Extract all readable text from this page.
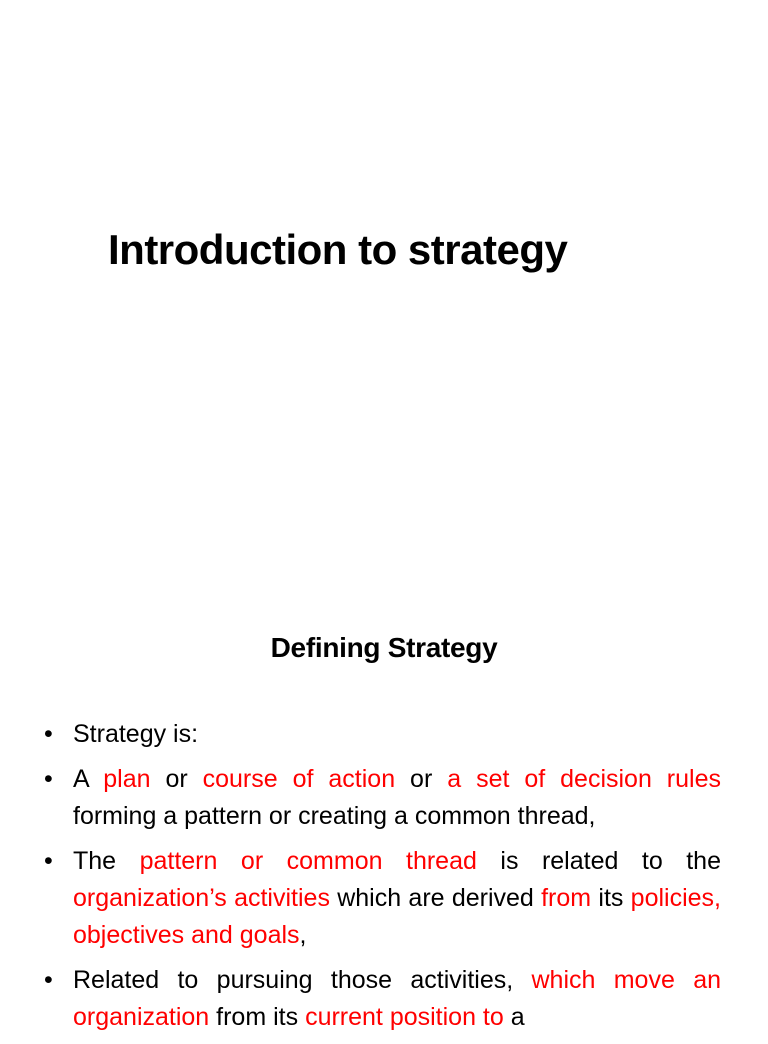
Introduction to strategy
Defining Strategy
• Strategy is:
• A plan or course of action or a set of decision rules forming a pattern or creating a common thread,
• The pattern or common thread is related to the organization’s activities which are derived from its policies, objectives and goals,
• Related to pursuing those activities, which move an organization from its current position to a
